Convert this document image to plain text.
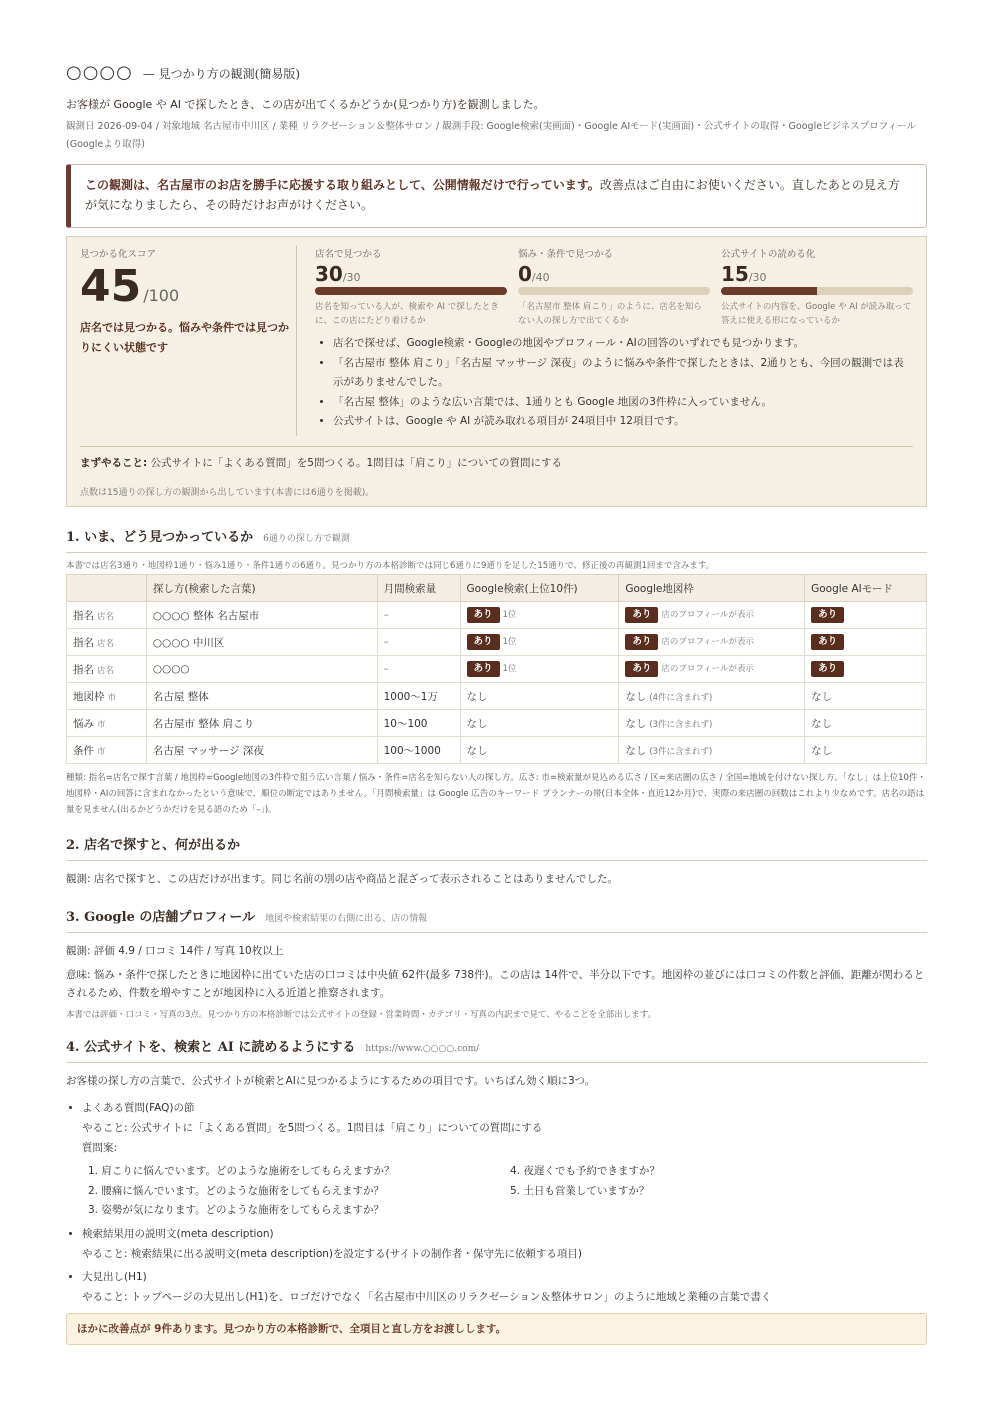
○○○○ — 見つかり方の観測(簡易版)
お客様が Google や AI で探したとき、この店が出てくるかどうか(見つかり方)を観測しました。
観測日 2026-09-04 / 対象地域 名古屋市中川区 / 業種 リラクゼーション＆整体サロン / 観測手段: Google検索(実画面)・Google AIモード(実画面)・公式サイトの取得・Googleビジネスプロフィール(Googleより取得)
この観測は、名古屋市のお店を勝手に応援する取り組みとして、公開情報だけで行っています。改善点はご自由にお使いください。直したあとの見え方が気になりましたら、その時だけお声がけください。
見つかる化スコア
45 /100
店名では見つかる。悩みや条件では見つかりにくい状態です
店名で見つかる
30/30
店名を知っている人が、検索や AI で探したときに、この店にたどり着けるか
悩み・条件で見つかる
0/40
「名古屋市 整体 肩こり」のように、店名を知らない人の探し方で出てくるか
公式サイトの読める化
15/30
公式サイトの内容を、Google や AI が読み取って答えに使える形になっているか
• 店名で探せば、Google検索・Googleの地図やプロフィール・AIの回答のいずれでも見つかります。
• 「名古屋市 整体 肩こり」「名古屋 マッサージ 深夜」のように悩みや条件で探したときは、2通りとも、今回の観測では表示がありませんでした。
• 「名古屋 整体」のような広い言葉では、1通りとも Google 地図の3件枠に入っていません。
• 公式サイトは、Google や AI が読み取れる項目が 24項目中 12項目です。
まずやること: 公式サイトに「よくある質問」を5問つくる。1問目は「肩こり」についての質問にする
点数は15通りの探し方の観測から出しています(本書には6通りを掲載)。
1. いま、どう見つかっているか 6通りの探し方で観測
本書では店名3通り・地図枠1通り・悩み1通り・条件1通りの6通り。見つかり方の本格診断では同じ6通りに9通りを足した15通りで、修正後の再観測1回まで含みます。
	探し方(検索した言葉)	月間検索量	Google検索(上位10件)	Google地図枠	Google AIモード
指名 店名	○○○○ 整体 名古屋市	–	あり 1位	あり 店のプロフィールが表示	あり
指名 店名	○○○○ 中川区	–	あり 1位	あり 店のプロフィールが表示	あり
指名 店名	○○○○	–	あり 1位	あり 店のプロフィールが表示	あり
地図枠 市	名古屋 整体	1000〜1万	なし	なし (4件に含まれず)	なし
悩み 市	名古屋市 整体 肩こり	10〜100	なし	なし (3件に含まれず)	なし
条件 市	名古屋 マッサージ 深夜	100〜1000	なし	なし (3件に含まれず)	なし
種類: 指名=店名で探す言葉 / 地図枠=Google地図の3件枠で狙う広い言葉 / 悩み・条件=店名を知らない人の探し方。広さ: 市=検索量が見込める広さ / 区=来店圏の広さ / 全国=地域を付けない探し方。「なし」は上位10件・地図枠・AIの回答に含まれなかったという意味で、順位の断定ではありません。「月間検索量」は Google 広告のキーワード プランナーの帯(日本全体・直近12か月)で、実際の来店圏の回数はこれより少なめです。店名の語は量を見ません(出るかどうかだけを見る語のため「–」)。
2. 店名で探すと、何が出るか
観測: 店名で探すと、この店だけが出ます。同じ名前の別の店や商品と混ざって表示されることはありませんでした。
3. Google の店舗プロフィール 地図や検索結果の右側に出る、店の情報
観測: 評価 4.9 / 口コミ 14件 / 写真 10枚以上
意味: 悩み・条件で探したときに地図枠に出ていた店の口コミは中央値 62件(最多 738件)。この店は 14件で、半分以下です。地図枠の並びには口コミの件数と評価、距離が関わるとされるため、件数を増やすことが地図枠に入る近道と推察されます。
本書では評価・口コミ・写真の3点。見つかり方の本格診断では公式サイトの登録・営業時間・カテゴリ・写真の内訳まで見て、やることを全部出します。
4. 公式サイトを、検索と AI に読めるようにする https://www.○○○○.com/
お客様の探し方の言葉で、公式サイトが検索とAIに見つかるようにするための項目です。いちばん効く順に3つ。
• よくある質問(FAQ)の節
やること: 公式サイトに「よくある質問」を5問つくる。1問目は「肩こり」についての質問にする
質問案:
1. 肩こりに悩んでいます。どのような施術をしてもらえますか？	4. 夜遅くでも予約できますか？
2. 腰痛に悩んでいます。どのような施術をしてもらえますか？	5. 土日も営業していますか？
3. 姿勢が気になります。どのような施術をしてもらえますか？
• 検索結果用の説明文(meta description)
やること: 検索結果に出る説明文(meta description)を設定する(サイトの制作者・保守先に依頼する項目)
• 大見出し(H1)
やること: トップページの大見出し(H1)を、ロゴだけでなく「名古屋市中川区のリラクゼーション＆整体サロン」のように地域と業種の言葉で書く
ほかに改善点が 9件あります。見つかり方の本格診断で、全項目と直し方をお渡しします。
